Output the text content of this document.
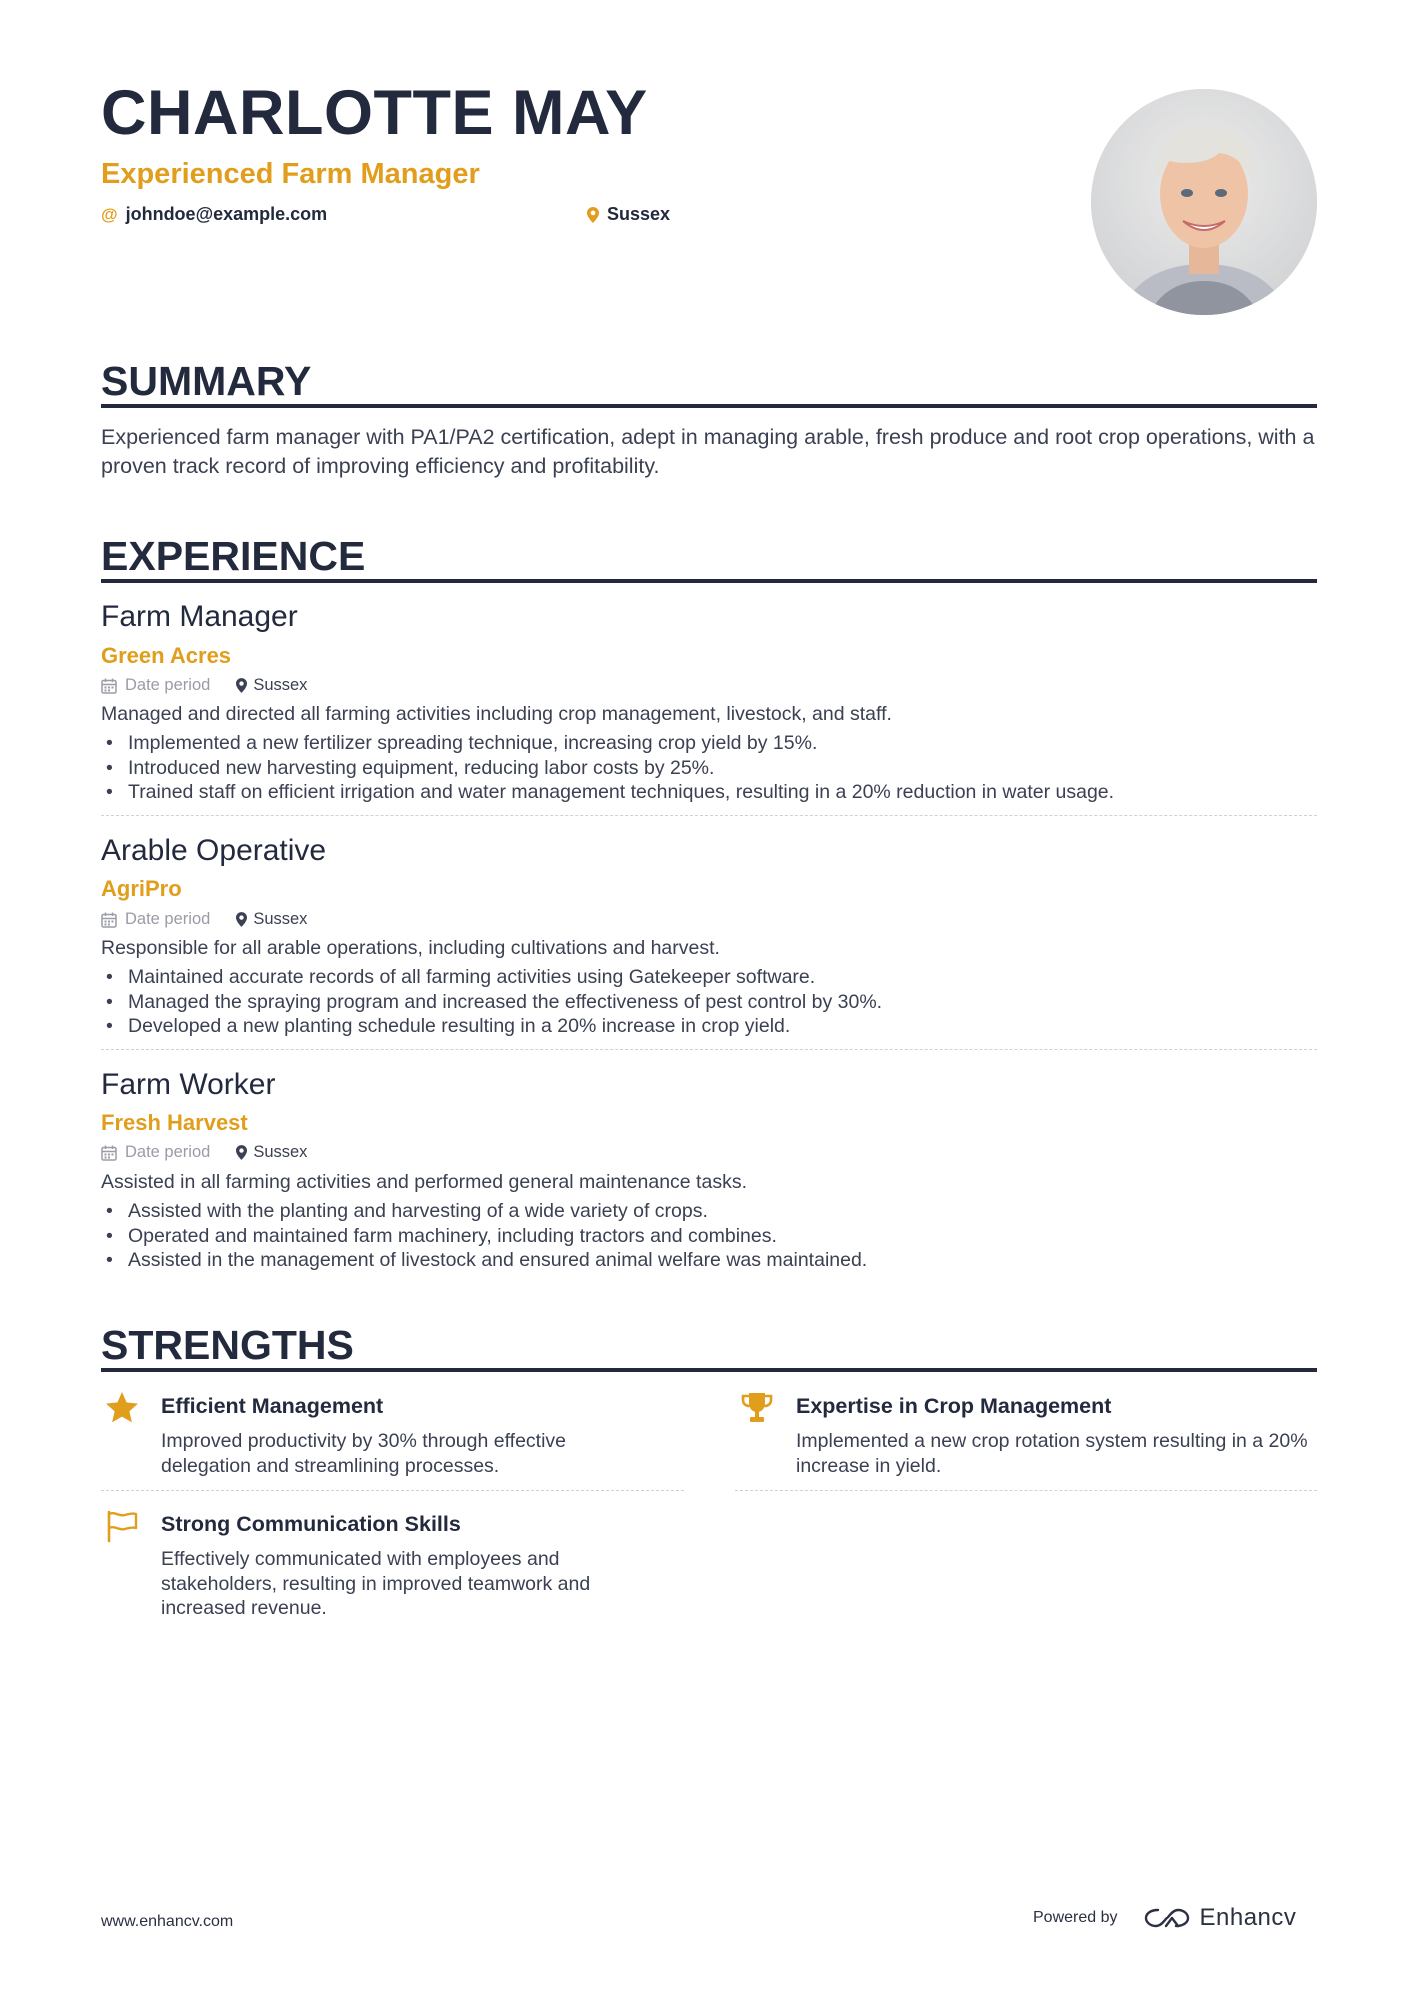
CHARLOTTE MAY
Experienced Farm Manager
@ johndoe@example.com	Sussex
SUMMARY
Experienced farm manager with PA1/PA2 certification, adept in managing arable, fresh produce and root crop operations, with a proven track record of improving efficiency and profitability.
EXPERIENCE
Farm Manager
Green Acres
Date period	Sussex
Managed and directed all farming activities including crop management, livestock, and staff.
• Implemented a new fertilizer spreading technique, increasing crop yield by 15%.
• Introduced new harvesting equipment, reducing labor costs by 25%.
• Trained staff on efficient irrigation and water management techniques, resulting in a 20% reduction in water usage.
Arable Operative
AgriPro
Date period	Sussex
Responsible for all arable operations, including cultivations and harvest.
• Maintained accurate records of all farming activities using Gatekeeper software.
• Managed the spraying program and increased the effectiveness of pest control by 30%.
• Developed a new planting schedule resulting in a 20% increase in crop yield.
Farm Worker
Fresh Harvest
Date period	Sussex
Assisted in all farming activities and performed general maintenance tasks.
• Assisted with the planting and harvesting of a wide variety of crops.
• Operated and maintained farm machinery, including tractors and combines.
• Assisted in the management of livestock and ensured animal welfare was maintained.
STRENGTHS
Efficient Management
Improved productivity by 30% through effective delegation and streamlining processes.
Expertise in Crop Management
Implemented a new crop rotation system resulting in a 20% increase in yield.
Strong Communication Skills
Effectively communicated with employees and stakeholders, resulting in improved teamwork and increased revenue.
www.enhancv.com	Powered by	Enhancv
